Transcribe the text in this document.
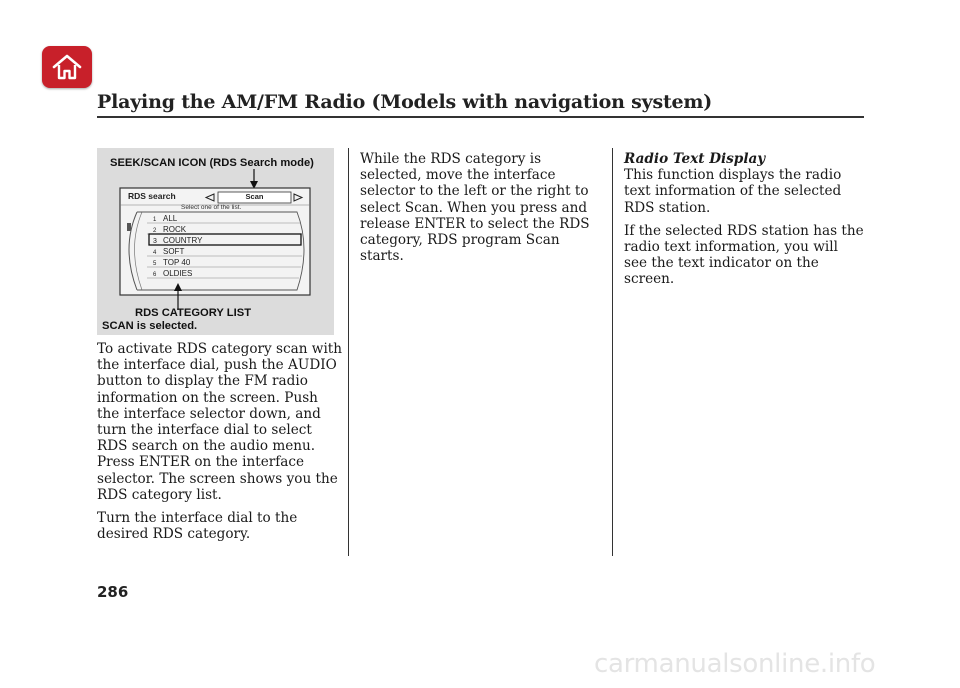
Playing the AM/FM Radio (Models with navigation system)
SEEK/SCAN ICON (RDS Search mode)
RDS search	Scan
Select one of the list.
1 ALL
2 ROCK
3 COUNTRY
4 SOFT
5 TOP 40
6 OLDIES
RDS CATEGORY LIST
SCAN is selected.

To activate RDS category scan with the interface dial, push the AUDIO button to display the FM radio information on the screen. Push the interface selector down, and turn the interface dial to select RDS search on the audio menu. Press ENTER on the interface selector. The screen shows you the RDS category list.

Turn the interface dial to the desired RDS category.

While the RDS category is selected, move the interface selector to the left or the right to select Scan. When you press and release ENTER to select the RDS category, RDS program Scan starts.

Radio Text Display

This function displays the radio text information of the selected RDS station.

If the selected RDS station has the radio text information, you will see the text indicator on the screen.

286
carmanualsonline.info
